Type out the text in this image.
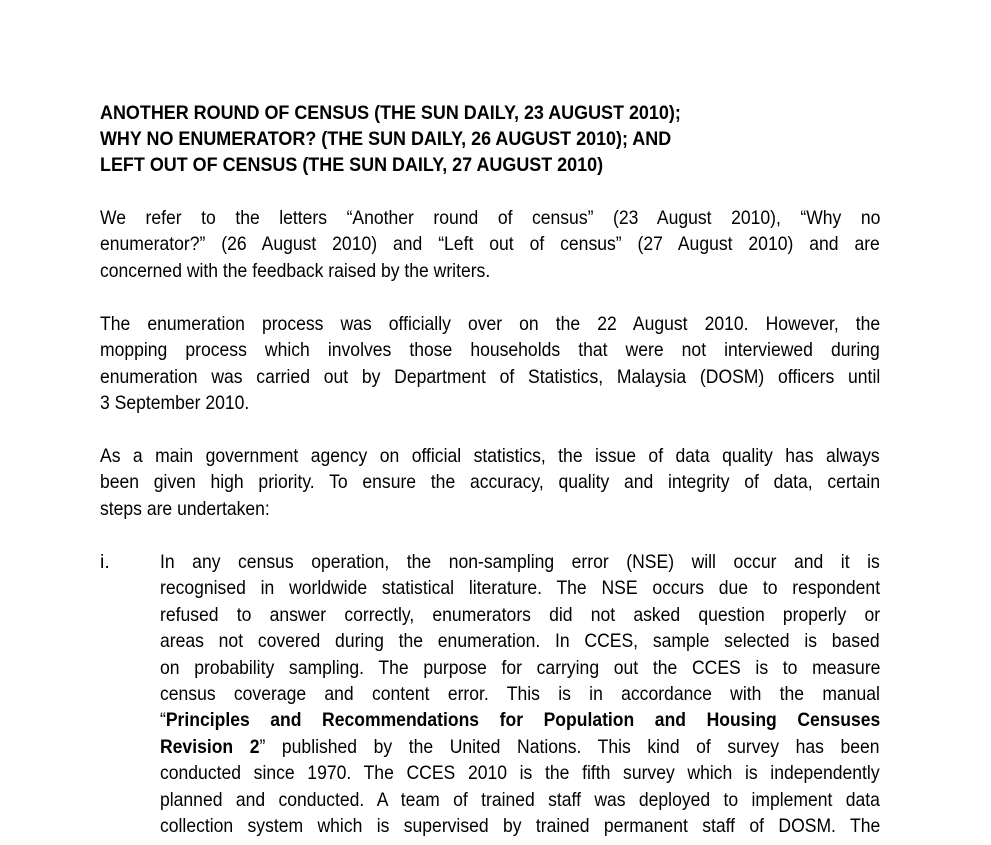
ANOTHER ROUND OF CENSUS (THE SUN DAILY, 23 AUGUST 2010);
WHY NO ENUMERATOR? (THE SUN DAILY, 26 AUGUST 2010); AND
LEFT OUT OF CENSUS (THE SUN DAILY, 27 AUGUST 2010)
We refer to the letters “Another round of census” (23 August 2010), “Why no
enumerator?” (26 August 2010) and “Left out of census” (27 August 2010) and are
concerned with the feedback raised by the writers.
The enumeration process was officially over on the 22 August 2010. However, the
mopping process which involves those households that were not interviewed during
enumeration was carried out by Department of Statistics, Malaysia (DOSM) officers until
3 September 2010.
As a main government agency on official statistics, the issue of data quality has always
been given high priority. To ensure the accuracy, quality and integrity of data, certain
steps are undertaken:
i.	In any census operation, the non-sampling error (NSE) will occur and it is
recognised in worldwide statistical literature. The NSE occurs due to respondent
refused to answer correctly, enumerators did not asked question properly or
areas not covered during the enumeration. In CCES, sample selected is based
on probability sampling. The purpose for carrying out the CCES is to measure
census coverage and content error. This is in accordance with the manual
“Principles and Recommendations for Population and Housing Censuses
Revision 2” published by the United Nations. This kind of survey has been
conducted since 1970. The CCES 2010 is the fifth survey which is independently
planned and conducted. A team of trained staff was deployed to implement data
collection system which is supervised by trained permanent staff of DOSM. The
